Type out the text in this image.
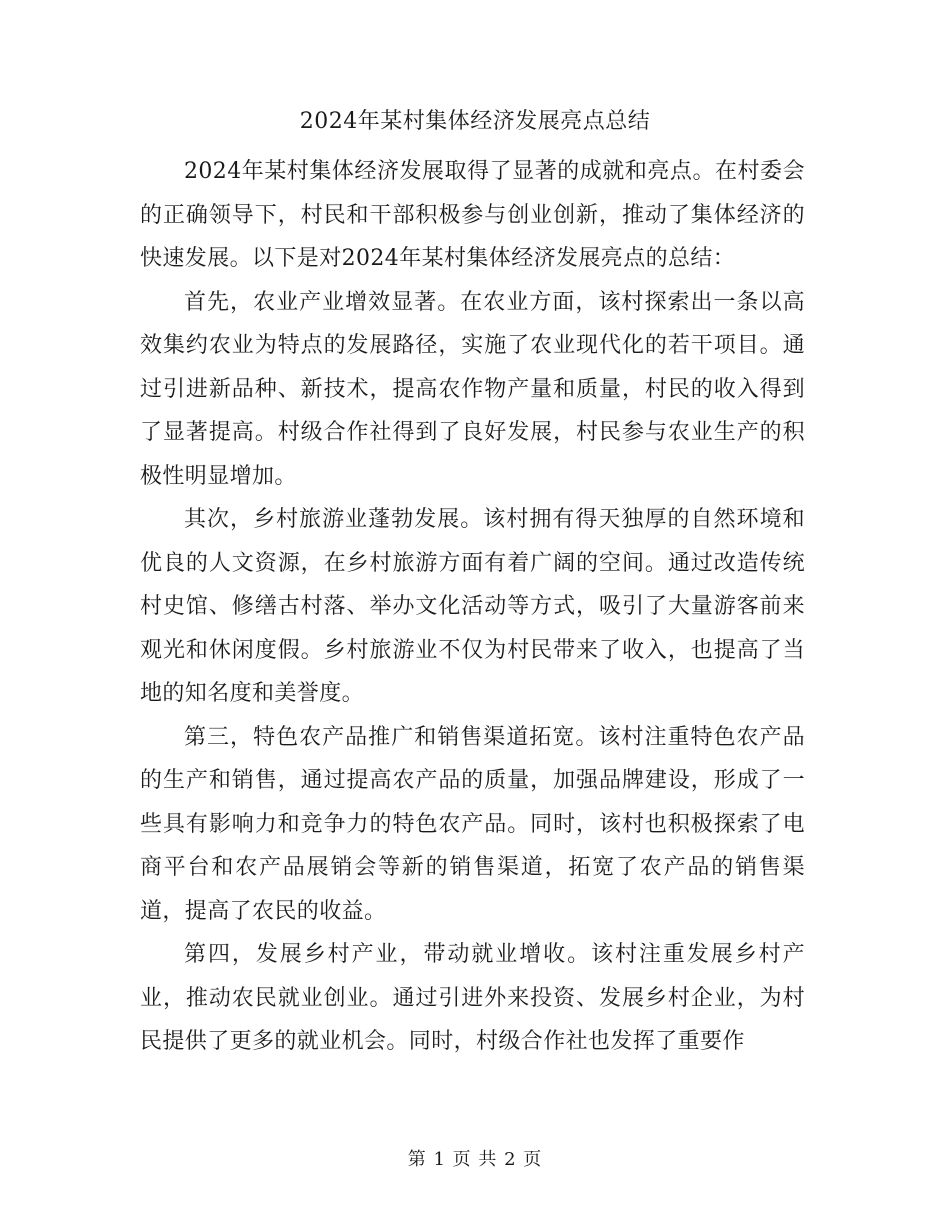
2024年某村集体经济发展亮点总结

2024年某村集体经济发展取得了显著的成就和亮点。在村委会的正确领导下，村民和干部积极参与创业创新，推动了集体经济的快速发展。以下是对2024年某村集体经济发展亮点的总结：

首先，农业产业增效显著。在农业方面，该村探索出一条以高效集约农业为特点的发展路径，实施了农业现代化的若干项目。通过引进新品种、新技术，提高农作物产量和质量，村民的收入得到了显著提高。村级合作社得到了良好发展，村民参与农业生产的积极性明显增加。

其次，乡村旅游业蓬勃发展。该村拥有得天独厚的自然环境和优良的人文资源，在乡村旅游方面有着广阔的空间。通过改造传统村史馆、修缮古村落、举办文化活动等方式，吸引了大量游客前来观光和休闲度假。乡村旅游业不仅为村民带来了收入，也提高了当地的知名度和美誉度。

第三，特色农产品推广和销售渠道拓宽。该村注重特色农产品的生产和销售，通过提高农产品的质量，加强品牌建设，形成了一些具有影响力和竞争力的特色农产品。同时，该村也积极探索了电商平台和农产品展销会等新的销售渠道，拓宽了农产品的销售渠道，提高了农民的收益。

第四，发展乡村产业，带动就业增收。该村注重发展乡村产业，推动农民就业创业。通过引进外来投资、发展乡村企业，为村民提供了更多的就业机会。同时，村级合作社也发挥了重要作

第 1 页 共 2 页
